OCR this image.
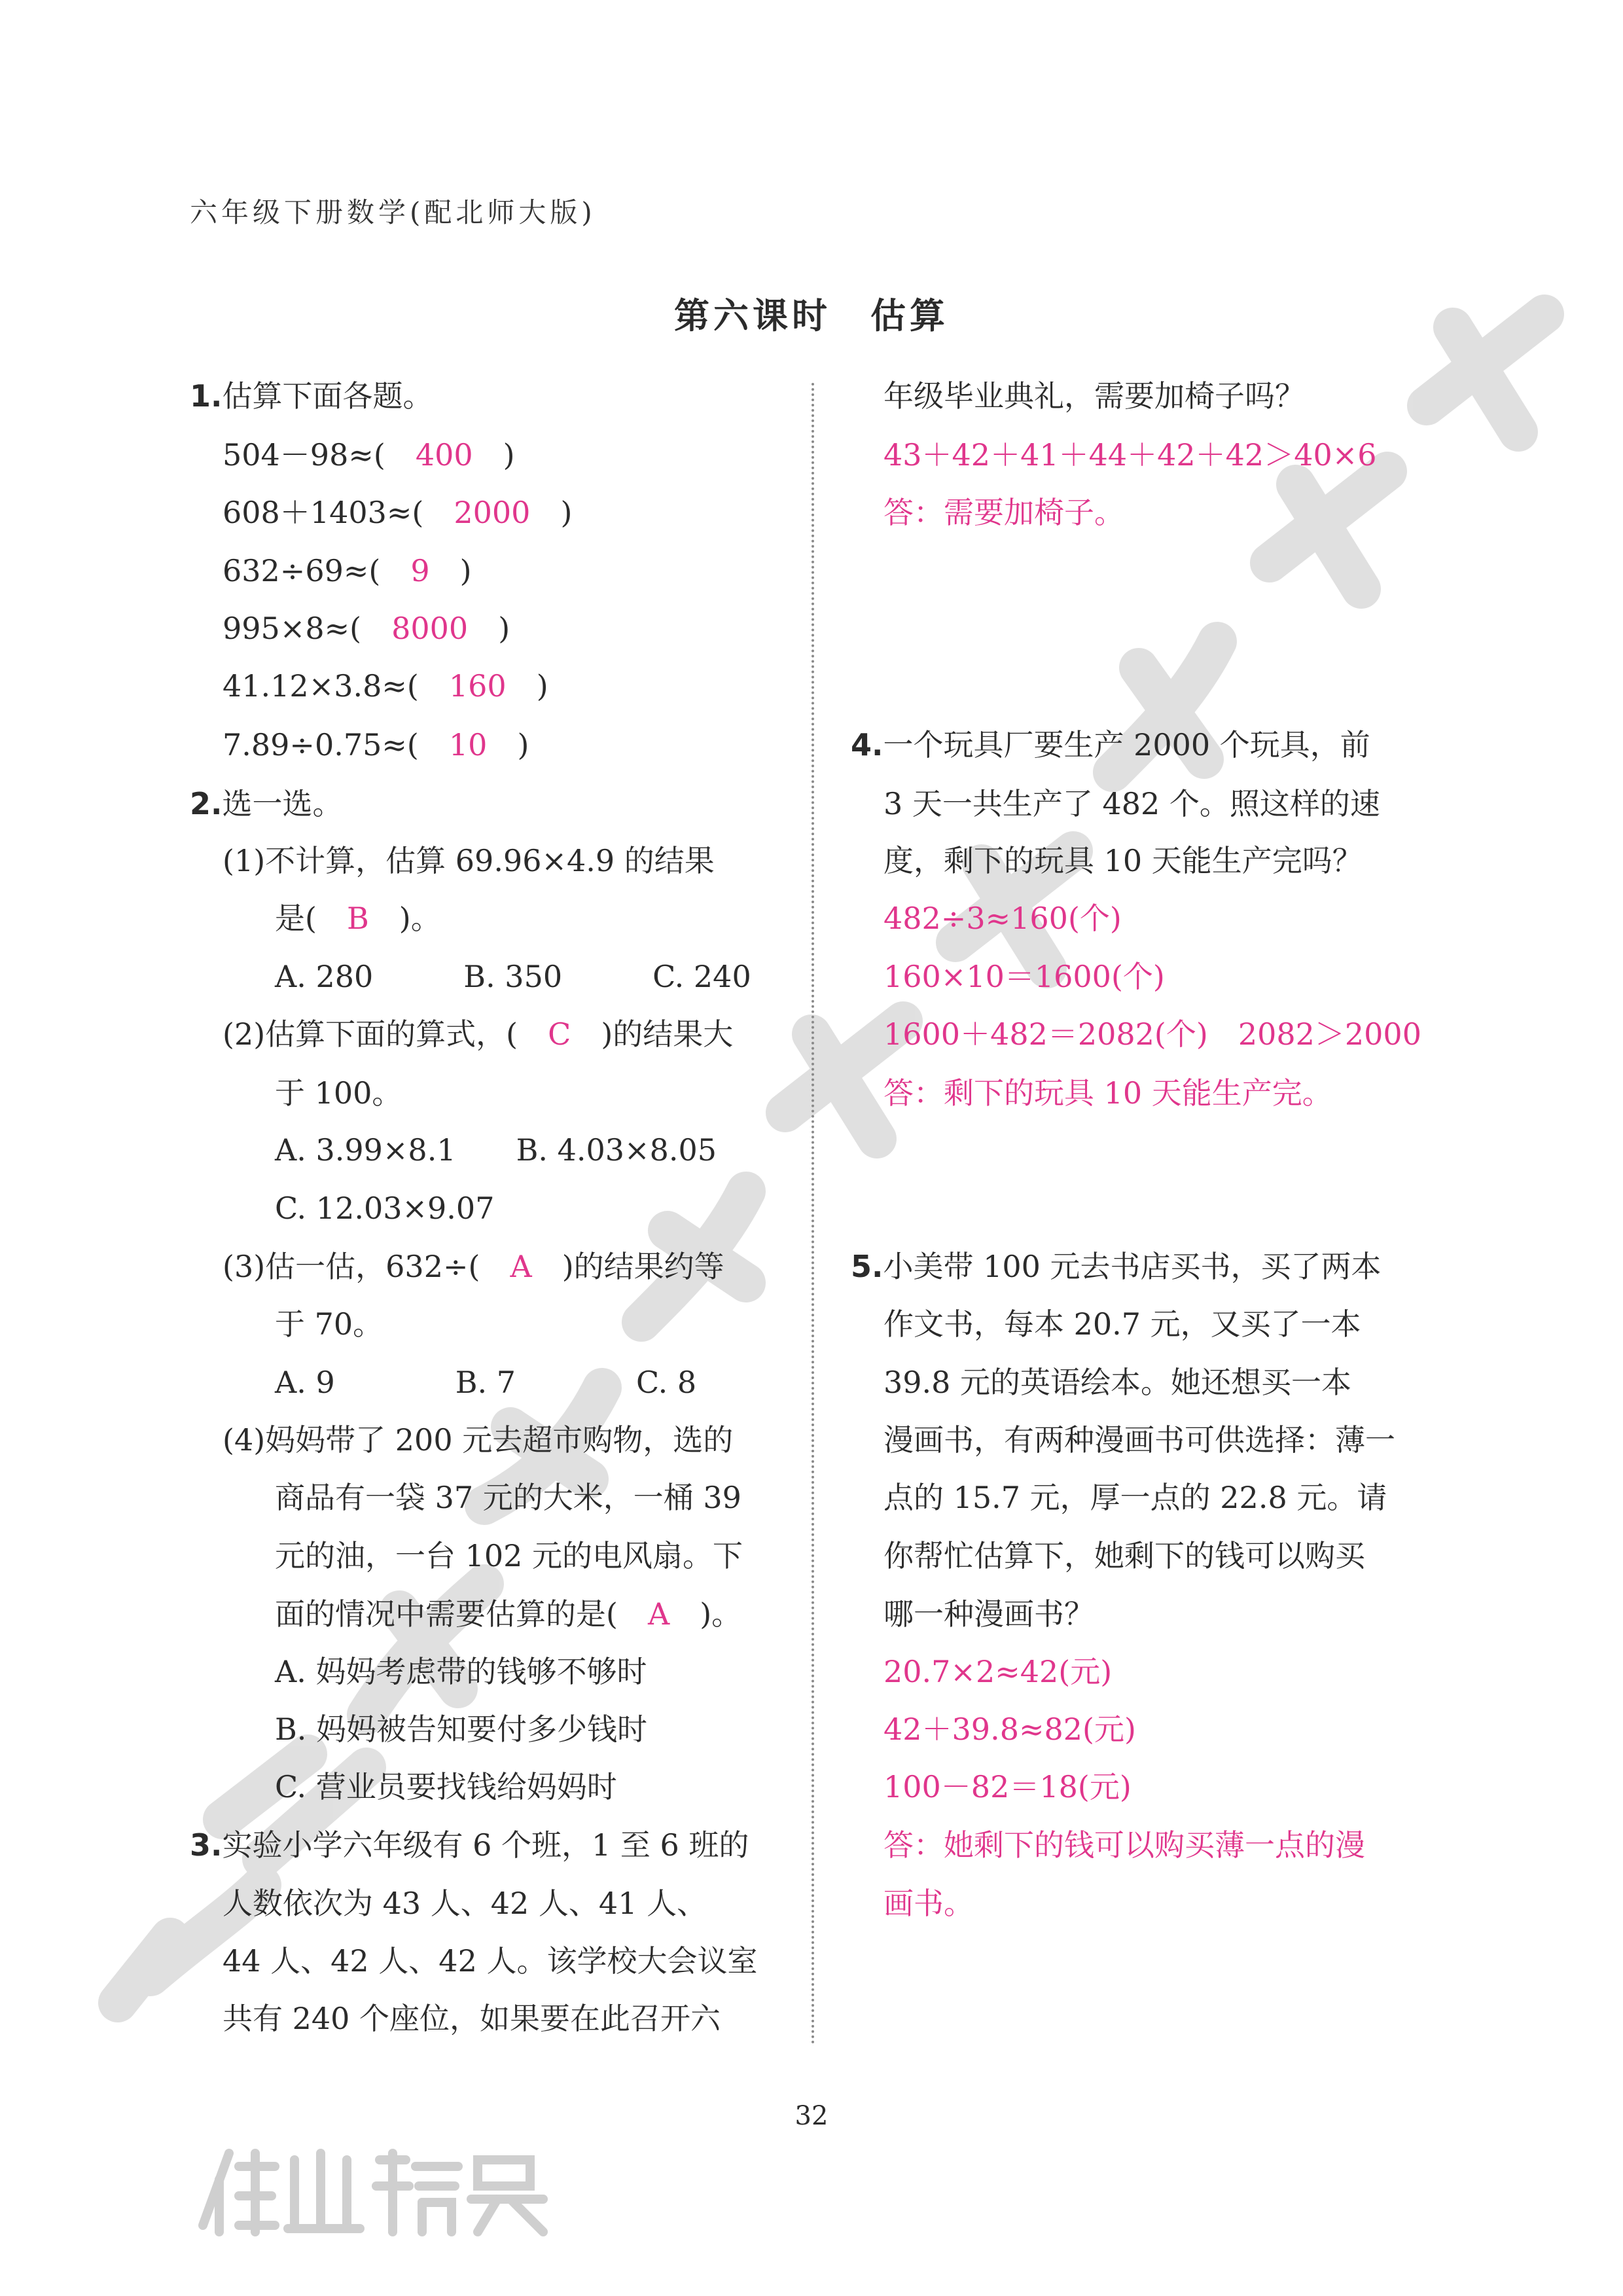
六年级下册数学(配北师大版)
第六课时　估算
1.估算下面各题。
504－98≈(　400　)
608＋1403≈(　2000　)
632÷69≈(　9　)
995×8≈(　8000　)
41.12×3.8≈(　160　)
7.89÷0.75≈(　10　)
2.选一选。
(1)不计算，估算 69.96×4.9 的结果
是(　B　)。
A. 280　　　B. 350　　　C. 240
(2)估算下面的算式，(　C　)的结果大
于 100。
A. 3.99×8.1　　B. 4.03×8.05
C. 12.03×9.07
(3)估一估，632÷(　A　)的结果约等
于 70。
A. 9　　　　B. 7　　　　C. 8
(4)妈妈带了 200 元去超市购物，选的
商品有一袋 37 元的大米，一桶 39
元的油，一台 102 元的电风扇。下
面的情况中需要估算的是(　A　)。
A. 妈妈考虑带的钱够不够时
B. 妈妈被告知要付多少钱时
C. 营业员要找钱给妈妈时
3.实验小学六年级有 6 个班，1 至 6 班的
人数依次为 43 人、42 人、41 人、
44 人、42 人、42 人。该学校大会议室
共有 240 个座位，如果要在此召开六
年级毕业典礼，需要加椅子吗？
43＋42＋41＋44＋42＋42＞40×6
答：需要加椅子。
4.一个玩具厂要生产 2000 个玩具，前
3 天一共生产了 482 个。照这样的速
度，剩下的玩具 10 天能生产完吗？
482÷3≈160(个)
160×10＝1600(个)
1600＋482＝2082(个)　2082＞2000
答：剩下的玩具 10 天能生产完。
5.小美带 100 元去书店买书，买了两本
作文书，每本 20.7 元，又买了一本
39.8 元的英语绘本。她还想买一本
漫画书，有两种漫画书可供选择：薄一
点的 15.7 元，厚一点的 22.8 元。请
你帮忙估算下，她剩下的钱可以购买
哪一种漫画书？
20.7×2≈42(元)
42＋39.8≈82(元)
100－82＝18(元)
答：她剩下的钱可以购买薄一点的漫
画书。
32
